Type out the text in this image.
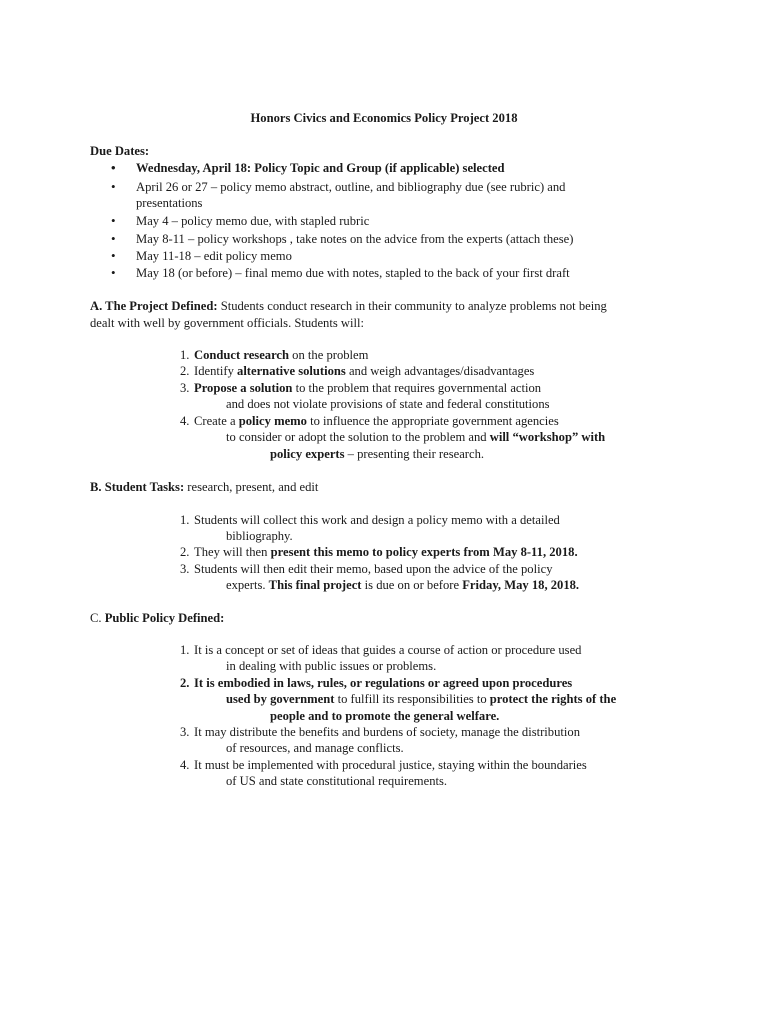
Honors Civics and Economics Policy Project 2018
Due Dates:
• Wednesday, April 18: Policy Topic and Group (if applicable) selected
• April 26 or 27 – policy memo abstract, outline, and bibliography due (see rubric) and
presentations
• May 4 – policy memo due, with stapled rubric
• May 8-11 – policy workshops , take notes on the advice from the experts (attach these)
• May 11-18 – edit policy memo
• May 18 (or before) – final memo due with notes, stapled to the back of your first draft
A. The Project Defined: Students conduct research in their community to analyze problems not being
dealt with well by government officials. Students will:
1. Conduct research on the problem
2. Identify alternative solutions and weigh advantages/disadvantages
3. Propose a solution to the problem that requires governmental action
and does not violate provisions of state and federal constitutions
4. Create a policy memo to influence the appropriate government agencies
to consider or adopt the solution to the problem and will “workshop” with
policy experts – presenting their research.
B. Student Tasks: research, present, and edit
1. Students will collect this work and design a policy memo with a detailed
bibliography.
2. They will then present this memo to policy experts from May 8-11, 2018.
3. Students will then edit their memo, based upon the advice of the policy
experts. This final project is due on or before Friday, May 18, 2018.
C. Public Policy Defined:
1. It is a concept or set of ideas that guides a course of action or procedure used
in dealing with public issues or problems.
2. It is embodied in laws, rules, or regulations or agreed upon procedures
used by government to fulfill its responsibilities to protect the rights of the
people and to promote the general welfare.
3. It may distribute the benefits and burdens of society, manage the distribution
of resources, and manage conflicts.
4. It must be implemented with procedural justice, staying within the boundaries
of US and state constitutional requirements.
